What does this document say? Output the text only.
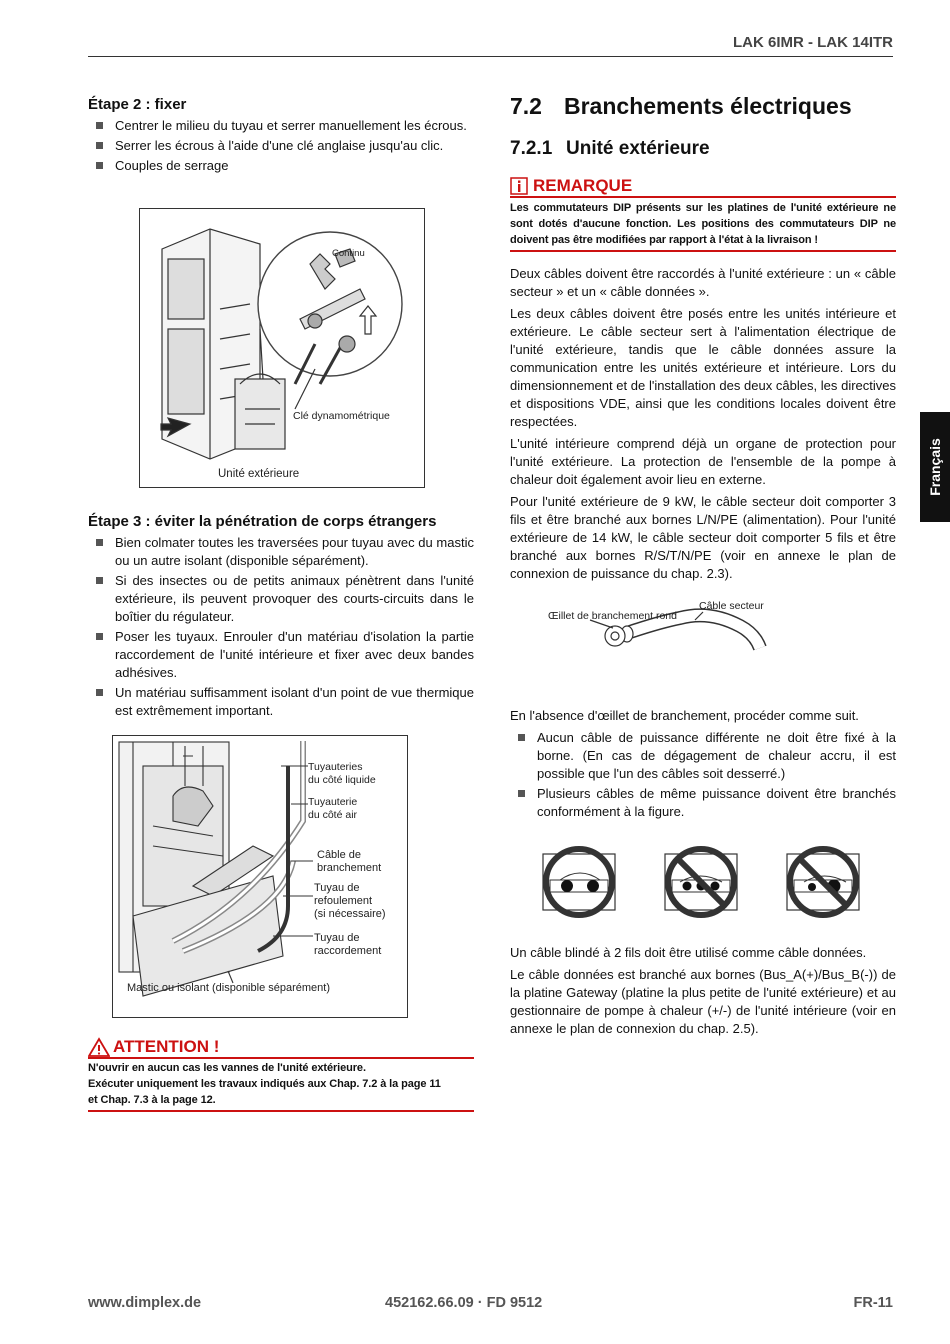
LAK 6IMR - LAK 14ITR
Français
Étape 2 : fixer
Centrer le milieu du tuyau et serrer manuellement les écrous.
Serrer les écrous à l'aide d'une clé anglaise jusqu'au clic.
Couples de serrage
Continu
Clé dynamométrique
Unité extérieure
Étape 3 : éviter la pénétration de corps étrangers
Bien colmater toutes les traversées pour tuyau avec du mastic ou un autre isolant (disponible séparément).
Si des insectes ou de petits animaux pénètrent dans l'unité extérieure, ils peuvent provoquer des courts-circuits dans le boîtier du régulateur.
Poser les tuyaux. Enrouler d'un matériau d'isolation la partie raccordement de l'unité intérieure et fixer avec deux bandes adhésives.
Un matériau suffisamment isolant d'un point de vue thermique est extrêmement important.
Tuyauteries
du côté liquide
Tuyauterie
du côté air
Câble de
branchement
Tuyau de
refoulement
(si nécessaire)
Tuyau de
raccordement
Mastic ou isolant (disponible séparément)
ATTENTION !
N'ouvrir en aucun cas les vannes de l'unité extérieure.
Exécuter uniquement les travaux indiqués aux Chap. 7.2 à la page 11
et Chap. 7.3 à la page 12.
7.2 Branchements électriques
7.2.1 Unité extérieure
REMARQUE
Les commutateurs DIP présents sur les platines de l'unité extérieure ne sont dotés d'aucune fonction. Les positions des commutateurs DIP ne doivent pas être modifiées par rapport à l'état à la livraison !

Deux câbles doivent être raccordés à l'unité extérieure : un « câble secteur » et un « câble données ».

Les deux câbles doivent être posés entre les unités intérieure et extérieure. Le câble secteur sert à l'alimentation électrique de l'unité extérieure, tandis que le câble données assure la communication entre les unités extérieure et intérieure. Lors du dimensionnement et de l'installation des deux câbles, les directives et dispositions VDE, ainsi que les conditions locales doivent être respectées.

L'unité intérieure comprend déjà un organe de protection pour l'unité extérieure. La protection de l'ensemble de la pompe à chaleur doit également avoir lieu en externe.

Pour l'unité extérieure de 9 kW, le câble secteur doit comporter 3 fils et être branché aux bornes L/N/PE (alimentation). Pour l'unité extérieure de 14 kW, le câble secteur doit comporter 5 fils et être branché aux bornes R/S/T/N/PE (voir en annexe le plan de connexion de puissance du chap. 2.3).

Œillet de branchement rond
Câble secteur

En l'absence d'œillet de branchement, procéder comme suit.

Aucun câble de puissance différente ne doit être fixé à la borne. (En cas de dégagement de chaleur accru, il est possible que l'un des câbles soit desserré.)
Plusieurs câbles de même puissance doivent être branchés conformément à la figure.

Un câble blindé à 2 fils doit être utilisé comme câble données.

Le câble données est branché aux bornes (Bus_A(+)/Bus_B(-)) de la platine Gateway (platine la plus petite de l'unité extérieure) et au gestionnaire de pompe à chaleur (+/-) de l'unité intérieure (voir en annexe le plan de connexion du chap. 2.5).

www.dimplex.de	452162.66.09 · FD 9512	FR-11
